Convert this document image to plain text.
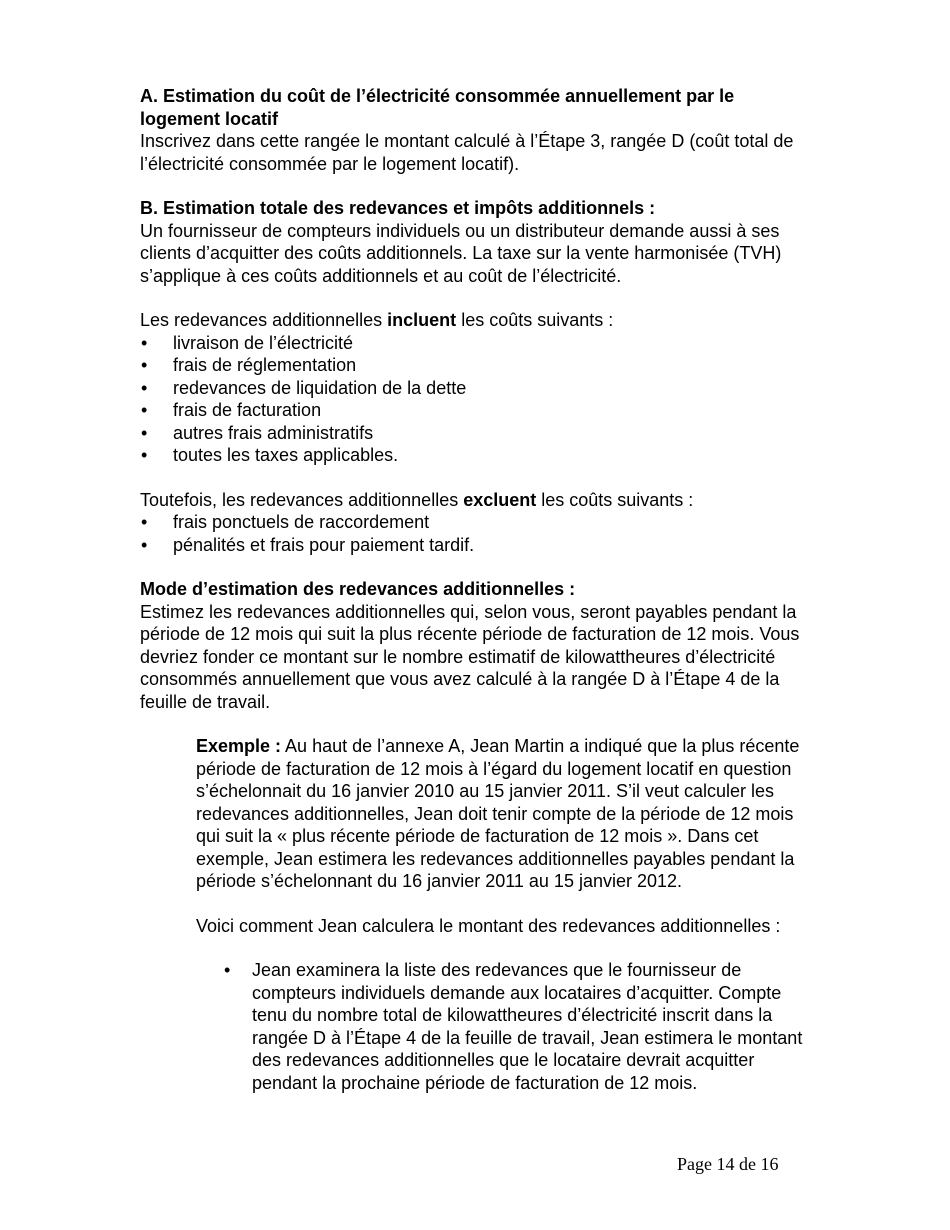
A. Estimation du coût de l’électricité consommée annuellement par le logement locatif

Inscrivez dans cette rangée le montant calculé à l’Étape 3, rangée D (coût total de l’électricité consommée par le logement locatif).

B. Estimation totale des redevances et impôts additionnels :

Un fournisseur de compteurs individuels ou un distributeur demande aussi à ses clients d’acquitter des coûts additionnels. La taxe sur la vente harmonisée (TVH) s’applique à ces coûts additionnels et au coût de l’électricité.

Les redevances additionnelles incluent les coûts suivants :

• livraison de l’électricité
• frais de réglementation
• redevances de liquidation de la dette
• frais de facturation
• autres frais administratifs
• toutes les taxes applicables.

Toutefois, les redevances additionnelles excluent les coûts suivants :

• frais ponctuels de raccordement
• pénalités et frais pour paiement tardif.

Mode d’estimation des redevances additionnelles :

Estimez les redevances additionnelles qui, selon vous, seront payables pendant la période de 12 mois qui suit la plus récente période de facturation de 12 mois. Vous devriez fonder ce montant sur le nombre estimatif de kilowattheures d’électricité consommés annuellement que vous avez calculé à la rangée D à l’Étape 4 de la feuille de travail.

Exemple : Au haut de l’annexe A, Jean Martin a indiqué que la plus récente période de facturation de 12 mois à l’égard du logement locatif en question s’échelonnait du 16 janvier 2010 au 15 janvier 2011. S’il veut calculer les redevances additionnelles, Jean doit tenir compte de la période de 12 mois qui suit la « plus récente période de facturation de 12 mois ». Dans cet exemple, Jean estimera les redevances additionnelles payables pendant la période s’échelonnant du 16 janvier 2011 au 15 janvier 2012.

Voici comment Jean calculera le montant des redevances additionnelles :

• Jean examinera la liste des redevances que le fournisseur de compteurs individuels demande aux locataires d’acquitter. Compte tenu du nombre total de kilowattheures d’électricité inscrit dans la rangée D à l’Étape 4 de la feuille de travail, Jean estimera le montant des redevances additionnelles que le locataire devrait acquitter pendant la prochaine période de facturation de 12 mois.
Page 14 de 16
